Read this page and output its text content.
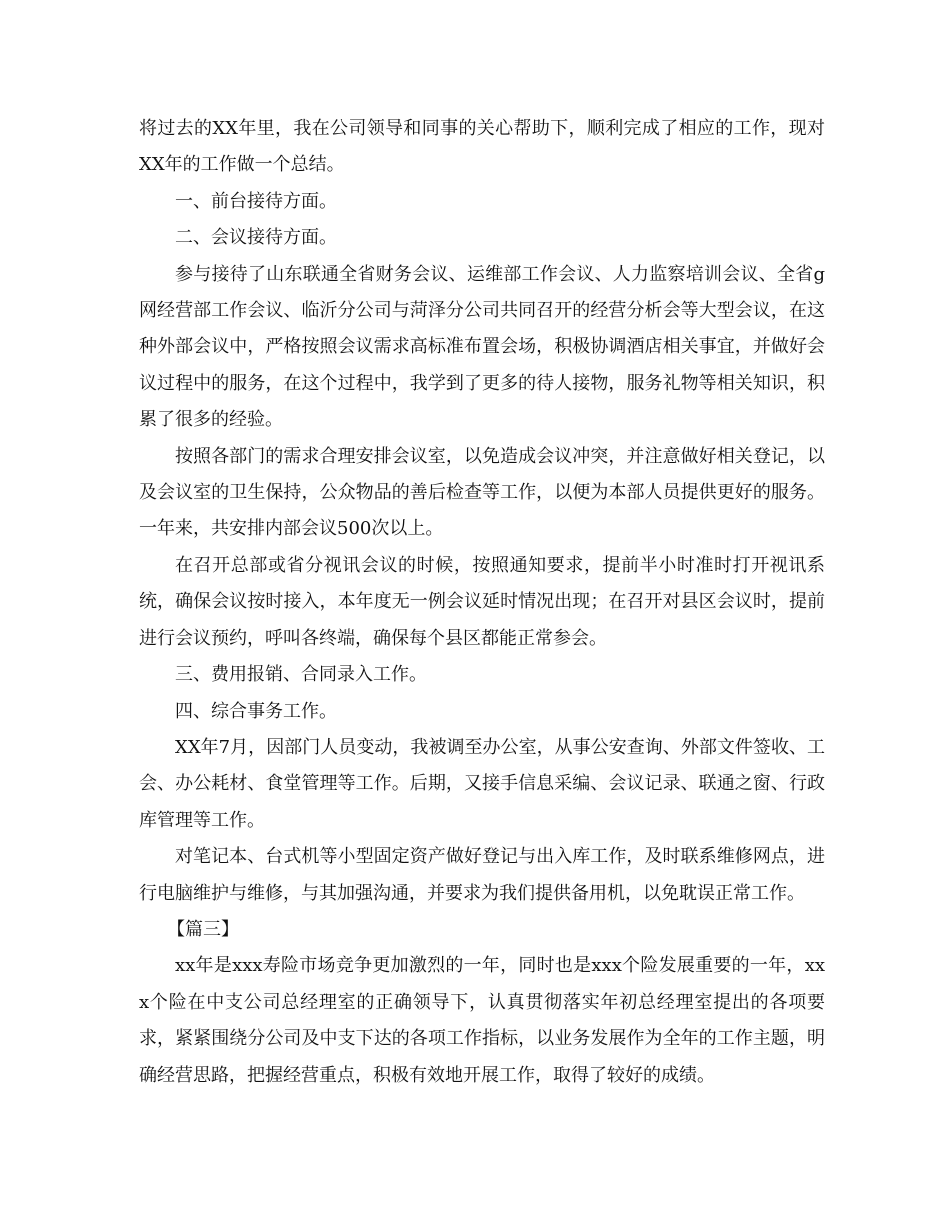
将过去的XX年里，我在公司领导和同事的关心帮助下，顺利完成了相应的工作，现对XX年的工作做一个总结。

一、前台接待方面。

二、会议接待方面。

参与接待了山东联通全省财务会议、运维部工作会议、人力监察培训会议、全省g网经营部工作会议、临沂分公司与菏泽分公司共同召开的经营分析会等大型会议，在这种外部会议中，严格按照会议需求高标准布置会场，积极协调酒店相关事宜，并做好会议过程中的服务，在这个过程中，我学到了更多的待人接物，服务礼物等相关知识，积累了很多的经验。

按照各部门的需求合理安排会议室，以免造成会议冲突，并注意做好相关登记，以及会议室的卫生保持，公众物品的善后检查等工作，以便为本部人员提供更好的服务。一年来，共安排内部会议500次以上。

在召开总部或省分视讯会议的时候，按照通知要求，提前半小时准时打开视讯系统，确保会议按时接入，本年度无一例会议延时情况出现；在召开对县区会议时，提前进行会议预约，呼叫各终端，确保每个县区都能正常参会。

三、费用报销、合同录入工作。

四、综合事务工作。

XX年7月，因部门人员变动，我被调至办公室，从事公安查询、外部文件签收、工会、办公耗材、食堂管理等工作。后期，又接手信息采编、会议记录、联通之窗、行政库管理等工作。

对笔记本、台式机等小型固定资产做好登记与出入库工作，及时联系维修网点，进行电脑维护与维修，与其加强沟通，并要求为我们提供备用机，以免耽误正常工作。

【篇三】

xx年是xxx寿险市场竞争更加激烈的一年，同时也是xxx个险发展重要的一年，xxx个险在中支公司总经理室的正确领导下，认真贯彻落实年初总经理室提出的各项要求，紧紧围绕分公司及中支下达的各项工作指标，以业务发展作为全年的工作主题，明确经营思路，把握经营重点，积极有效地开展工作，取得了较好的成绩。
